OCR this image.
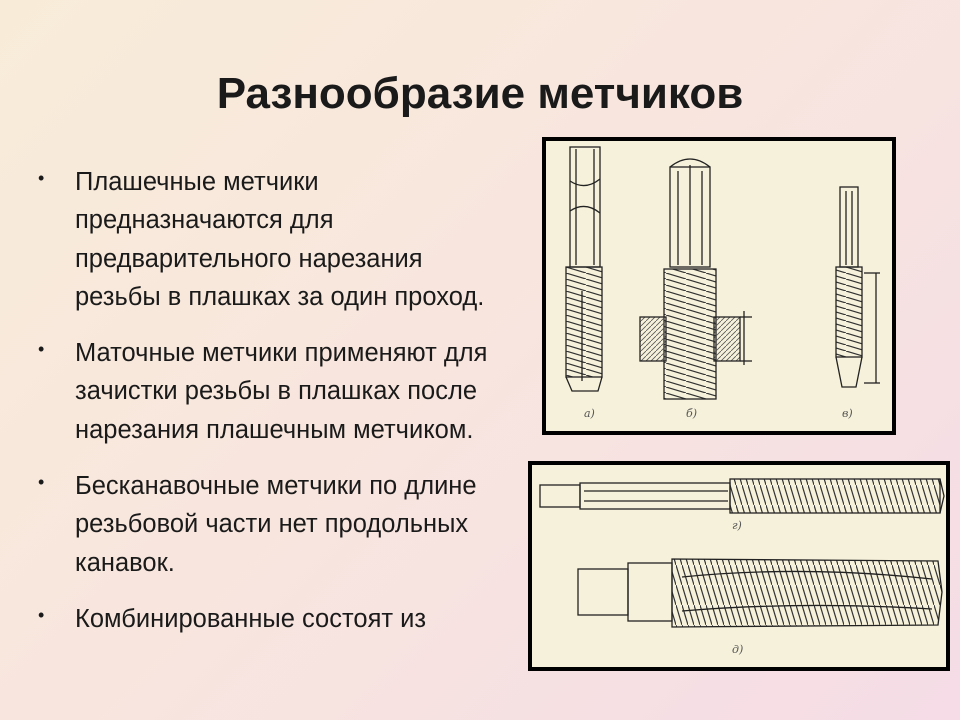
Разнообразие метчиков
• Плашечные метчики предназначаются для предварительного нарезания резьбы в плашках за один проход.
• Маточные метчики применяют для зачистки резьбы в плашках после нарезания плашечным метчиком.
• Бесканавочные метчики по длине резьбовой части нет продольных канавок.
• Комбинированные состоят из
а)	б)	в)
г)
д)
